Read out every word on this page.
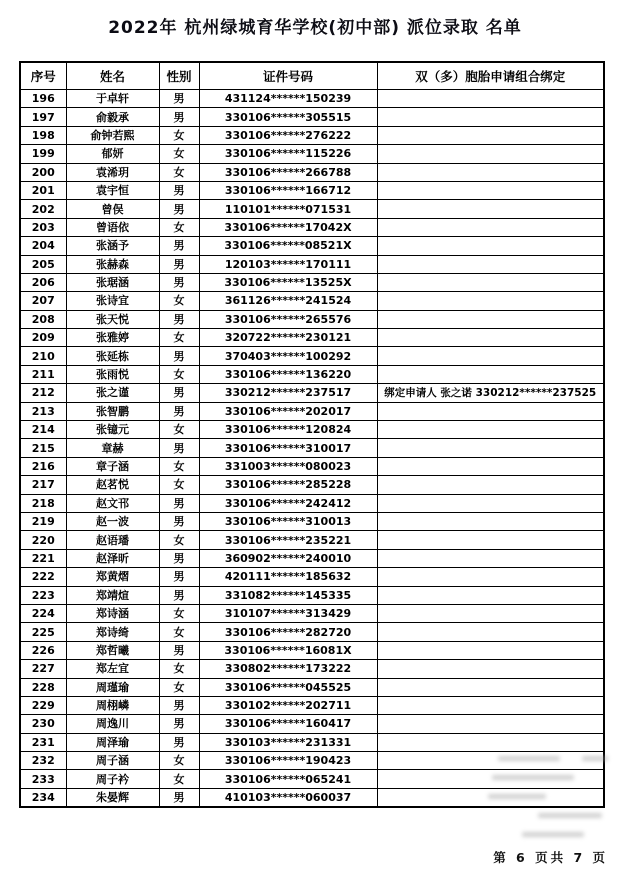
2022年 杭州绿城育华学校(初中部) 派位录取 名单
序号	姓名	性别	证件号码	双（多）胞胎申请组合绑定
196	于卓轩	男	431124******150239	
197	俞毅承	男	330106******305515	
198	俞钟若熙	女	330106******276222	
199	郁妍	女	330106******115226	
200	袁浠玥	女	330106******266788	
201	袁宇恒	男	330106******166712	
202	曾俣	男	110101******071531	
203	曾语依	女	330106******17042X	
204	张涵予	男	330106******08521X	
205	张赫森	男	120103******170111	
206	张琚涵	男	330106******13525X	
207	张诗宜	女	361126******241524	
208	张天悦	男	330106******265576	
209	张雅婷	女	320722******230121	
210	张延栋	男	370403******100292	
211	张雨悦	女	330106******136220	
212	张之谨	男	330212******237517	绑定申请人 张之诺 330212******237525
213	张智鹏	男	330106******202017	
214	张镱元	女	330106******120824	
215	章赫	男	330106******310017	
216	章子涵	女	331003******080023	
217	赵茗悦	女	330106******285228	
218	赵文邗	男	330106******242412	
219	赵一波	男	330106******310013	
220	赵语璠	女	330106******235221	
221	赵泽昕	男	360902******240010	
222	郑黄熠	男	420111******185632	
223	郑靖煊	男	331082******145335	
224	郑诗涵	女	310107******313429	
225	郑诗绮	女	330106******282720	
226	郑哲曦	男	330106******16081X	
227	郑左宜	女	330802******173222	
228	周瑾瑜	女	330106******045525	
229	周栩嶙	男	330102******202711	
230	周逸川	男	330106******160417	
231	周泽瑜	男	330103******231331	
232	周子涵	女	330106******190423	
233	周子衿	女	330106******065241	
234	朱晏辉	男	410103******060037	
第 6 页共 7 页
